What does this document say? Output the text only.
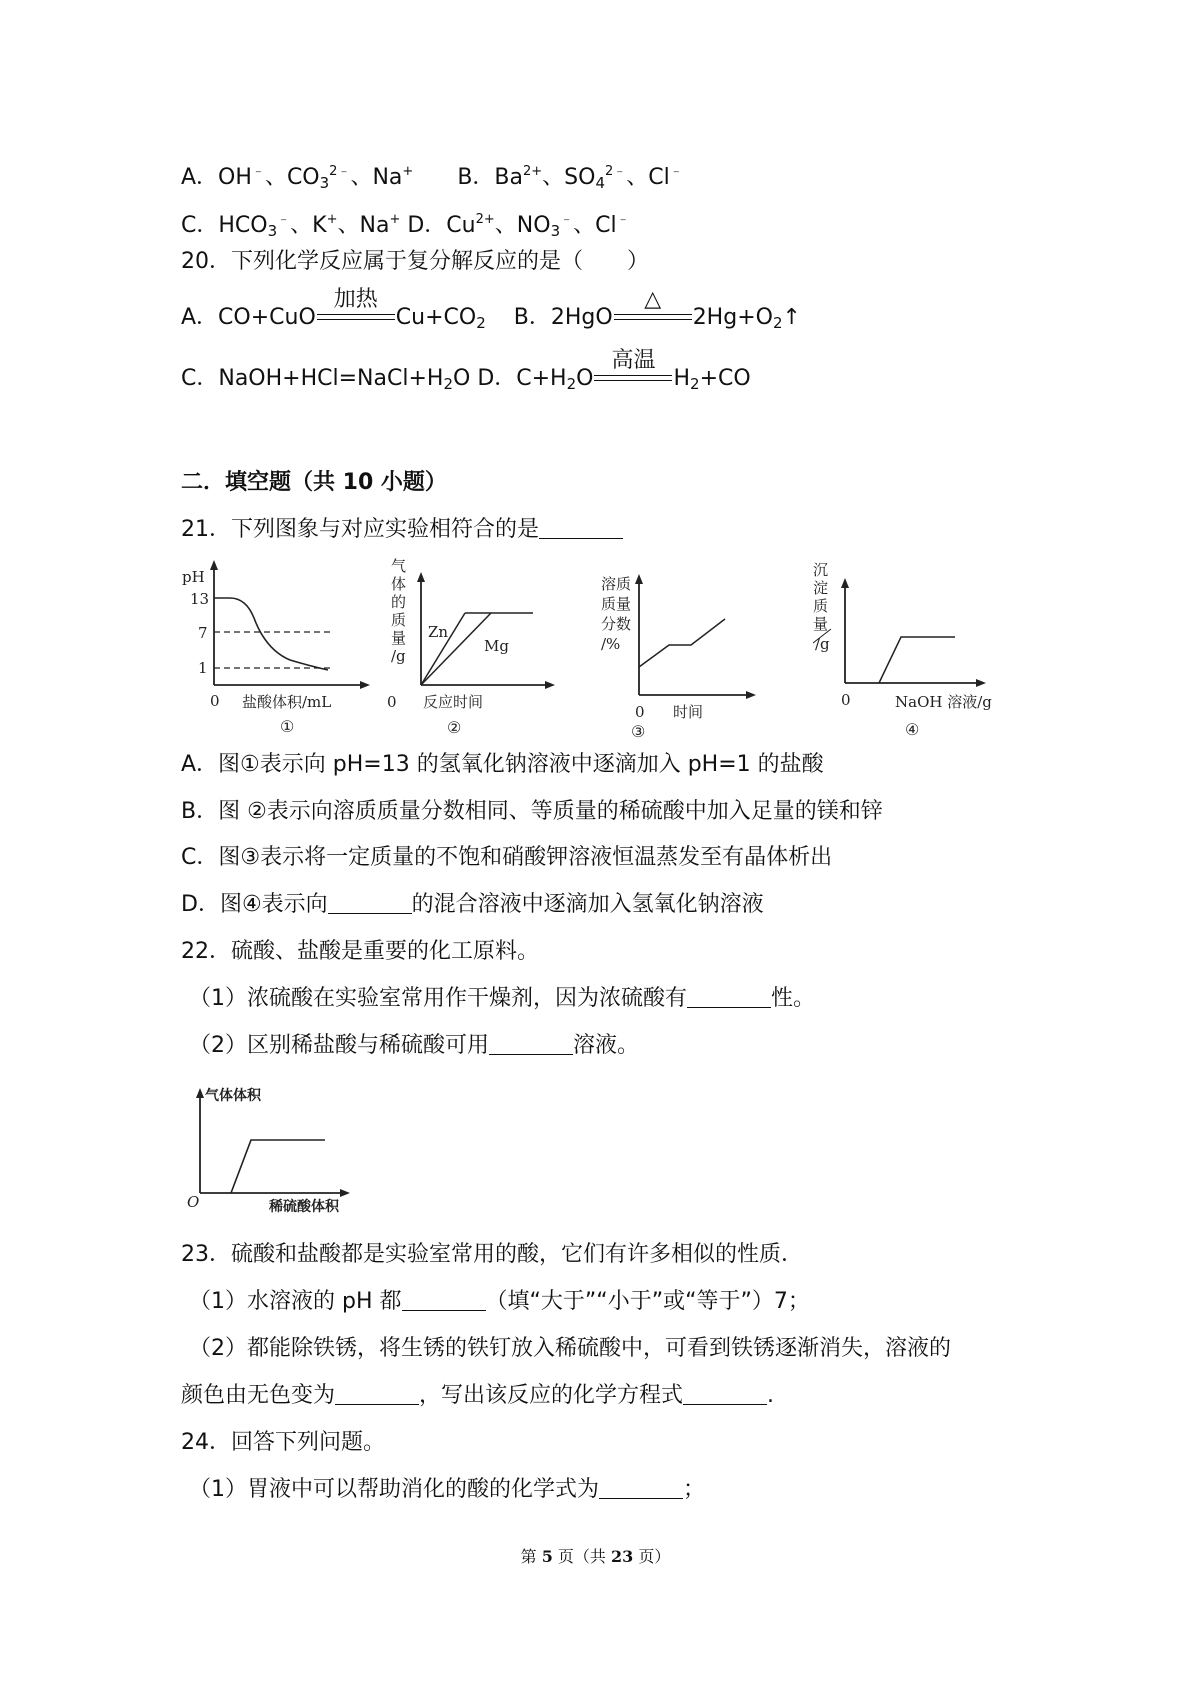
A．OH﹣、$CO_3^{2﹣}$、Na+ B．$Ba^{2+}$、$SO_4^{2﹣}$、Cl﹣
C．$HCO_3^﹣$、K+、Na+ D．$Cu^{2+}$、$NO_3^﹣$、Cl﹣
20．下列化学反应属于复分解反应的是（　　）
A．CO+CuO
加热
$Cu+CO_2$ B．2HgO
△
$2Hg+O_2↑$
C．$NaOH+HCl=NaCl+H_2O$ D．$C+H_2O$
高温
$H_2+CO$
二．填空题（共 10 小题）
21．下列图象与对应实验相符合的是
pH
13
7
1
0 盐酸体积/mL
①
气
体
的
质
量
/g
Zn
Mg
0 反应时间
②
溶质
质量
分数
/%
0 时间
③
沉
淀
质
量
/g
0	NaOH 溶液/g
④
A．图①表示向 pH=13 的氢氧化钠溶液中逐滴加入 pH=1 的盐酸
B．图 ②表示向溶质质量分数相同、等质量的稀硫酸中加入足量的镁和锌
C．图③表示将一定质量的不饱和硝酸钾溶液恒温蒸发至有晶体析出
D．图④表示向	的混合溶液中逐滴加入氢氧化钠溶液
22．硫酸、盐酸是重要的化工原料。
（1）浓硫酸在实验室常用作干燥剂，因为浓硫酸有	性。
（2）区别稀盐酸与稀硫酸可用	溶液。
气体体积
O	稀硫酸体积
23．硫酸和盐酸都是实验室常用的酸，它们有许多相似的性质．
（1）水溶液的 pH 都	（填“大于”“小于”或“等于”）7；
（2）都能除铁锈，将生锈的铁钉放入稀硫酸中，可看到铁锈逐渐消失，溶液的
颜色由无色变为	，写出该反应的化学方程式	.
24．回答下列问题。
（1）胃液中可以帮助消化的酸的化学式为	；
第 5 页（共 23 页）
